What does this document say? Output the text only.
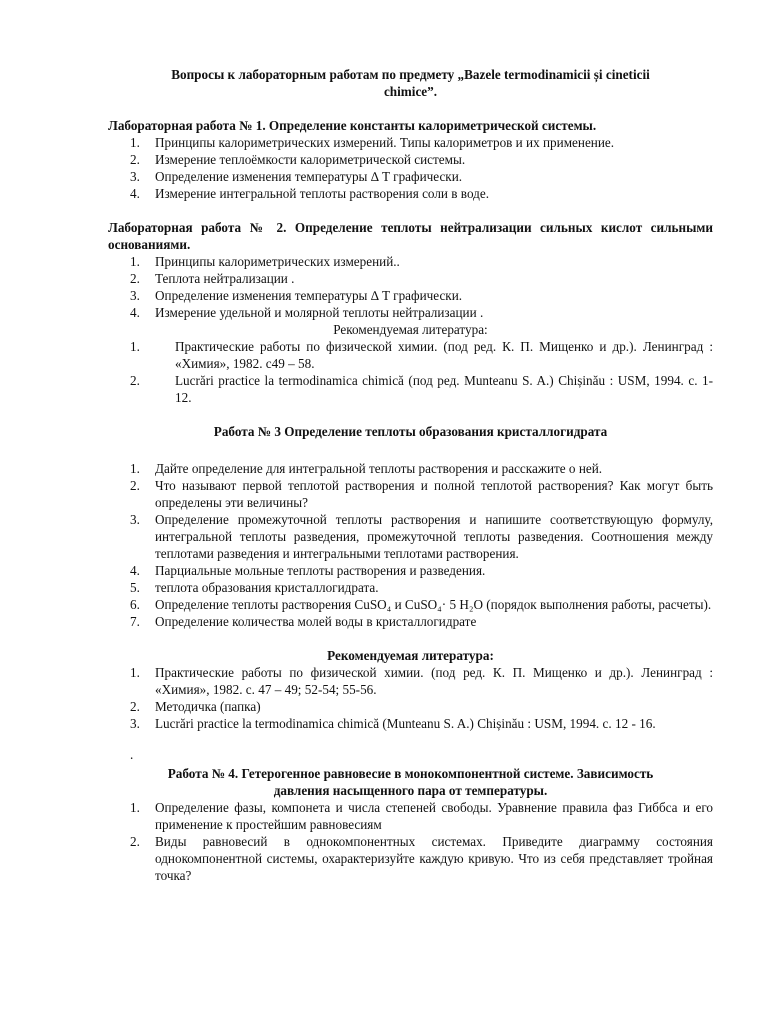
Вопросы к лабораторным работам по предмету „Bazele termodinamicii și cineticii
chimice”.
Лабораторная работа № 1. Определение константы калориметрической системы.
1. Принципы калориметрических измерений. Типы калориметров и их применение.
2. Измерение теплоёмкости калориметрической системы.
3. Определение изменения температуры ∆ T графически.
4. Измерение интегральной теплоты растворения соли в воде.
Лабораторная работа № 2. Определение теплоты нейтрализации сильных кислот сильными основаниями.
1. Принципы калориметрических измерений..
2. Теплота нейтрализации .
3. Определение изменения температуры ∆ T графически.
4. Измерение удельной и молярной теплоты нейтрализации .
Рекомендуемая литература:
1.	Практические работы по физической химии. (под ред. К. П. Мищенко и др.). Ленинград : «Химия», 1982. с49 – 58.
2.	Lucrări practice la termodinamica chimică (под ред. Munteanu S. A.) Chișinău : USM, 1994. c. 1- 12.
Работа № 3 Определение теплоты образования кристаллогидрата
1. Дайте определение для интегральной теплоты растворения и расскажите о ней.
2. Что называют первой теплотой растворения и полной теплотой растворения? Как могут быть определены эти величины?
3. Определение промежуточной теплоты растворения и напишите соответствующую формулу, интегральной теплоты разведения, промежуточной теплоты разведения. Соотношения между теплотами разведения и интегральными теплотами растворения.
4. Парциальные мольные теплоты растворения и разведения.
5. теплота образования кристаллогидрата.
6. Определение теплоты растворения CuSO₄ и CuSO₄· 5 H₂O (порядок выполнения работы, расчеты).
7. Определение количества молей воды в кристаллогидрате
Рекомендуемая литература:
1. Практические работы по физической химии. (под ред. К. П. Мищенко и др.). Ленинград : «Химия», 1982. с. 47 – 49; 52-54; 55-56.
2. Методичка (папка)
3. Lucrări practice la termodinamica chimică (Munteanu S. A.) Chișinău : USM, 1994. c. 12 - 16.
.
Работа № 4. Гетерогенное равновесие в монокомпонентной системе. Зависимость
давления насыщенного пара от температуры.
1. Определение фазы, компонета и числа степеней свободы. Уравнение правила фаз Гиббса и его применение к простейшим равновесиям
2. Виды равновесий в однокомпонентных системах. Приведите диаграмму состояния однокомпонентной системы, охарактеризуйте каждую кривую. Что из себя представляет тройная точка?
